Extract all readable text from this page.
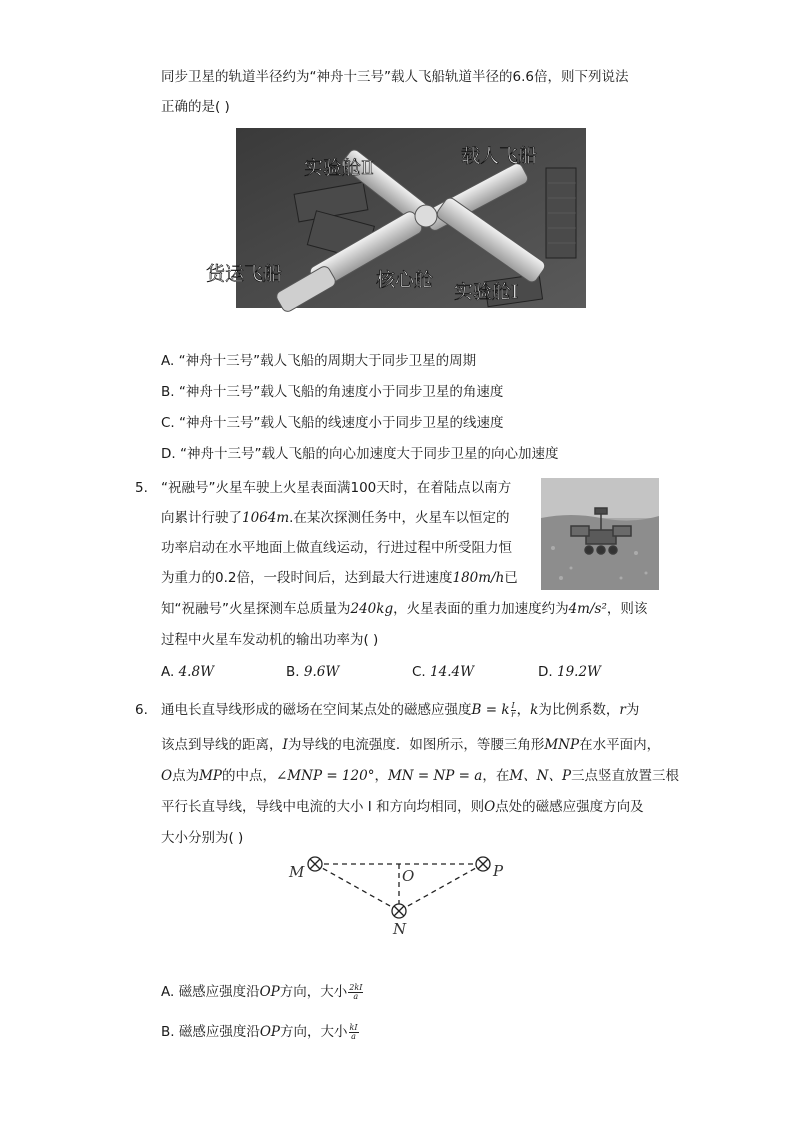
同步卫星的轨道半径约为“神舟十三号”载人飞船轨道半径的6.6倍，则下列说法
正确的是( )
实验舱Ⅱ
载人飞船
货运飞船	核心舱
实验舱Ⅰ
A. “神舟十三号”载人飞船的周期大于同步卫星的周期
B. “神舟十三号”载人飞船的角速度小于同步卫星的角速度
C. “神舟十三号”载人飞船的线速度小于同步卫星的线速度
D. “神舟十三号”载人飞船的向心加速度大于同步卫星的向心加速度
5. “祝融号”火星车驶上火星表面满100天时，在着陆点以南方
向累计行驶了1064m.在某次探测任务中，火星车以恒定的
功率启动在水平地面上做直线运动，行进过程中所受阻力恒
为重力的0.2倍，一段时间后，达到最大行进速度180m/h已
知“祝融号”火星探测车总质量为240kg，火星表面的重力加速度约为4m/s²，则该
过程中火星车发动机的输出功率为( )
A. 4.8W	B. 9.6W	C. 14.4W	D. 19.2W
6. 通电长直导线形成的磁场在空间某点处的磁感应强度B = k $\frac{I}{r}$ ，k为比例系数，r为
该点到导线的距离，I为导线的电流强度．如图所示，等腰三角形MNP在水平面内，
O点为MP的中点，∠MNP = 120°，MN = NP = a，在M、N、P三点竖直放置三根
平行长直导线，导线中电流的大小 I 和方向均相同，则O点处的磁感应强度方向及
大小分别为( )
M	O	P
N
A. 磁感应强度沿OP方向，大小 $\frac{2kI}{a}$
B. 磁感应强度沿OP方向，大小 $\frac{kI}{a}$
